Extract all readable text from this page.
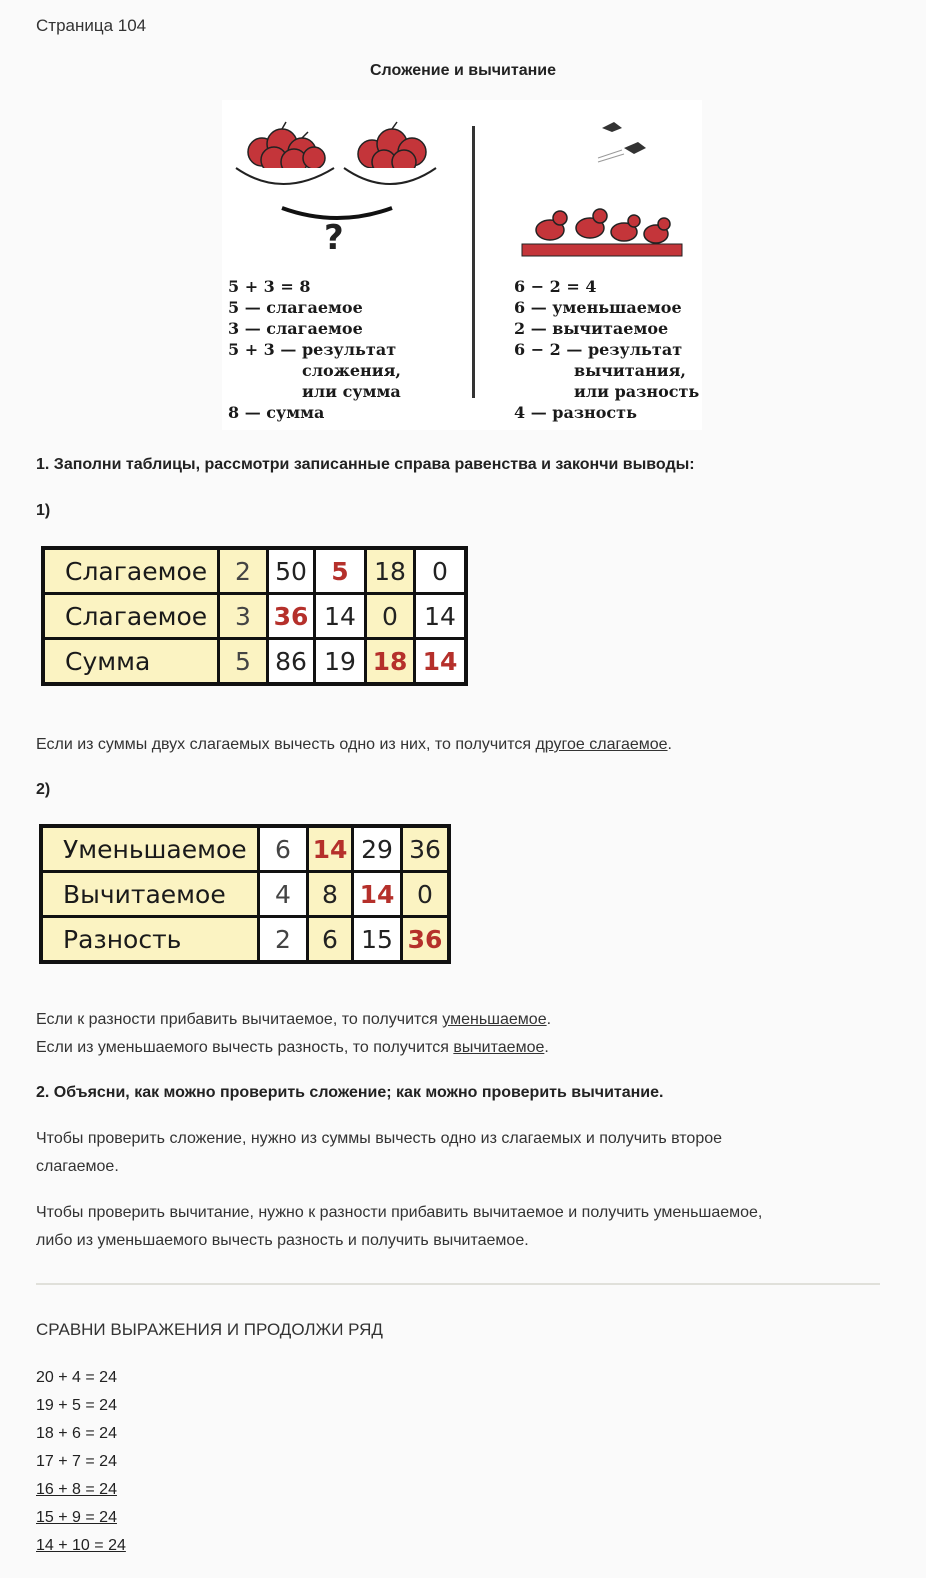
Страница 104
Сложение и вычитание
?
5 + 3 = 8
5 — слагаемое
3 — слагаемое
5 + 3 — результат
сложения,
или сумма
8 — сумма
6 − 2 = 4
6 — уменьшаемое
2 — вычитаемое
6 − 2 — результат
вычитания,
или разность
4 — разность
1. Заполни таблицы, рассмотри записанные справа равенства и закончи выводы:
1)
Слагаемое	2	50	5	18	0
Слагаемое	3	36	14	0	14
Сумма	5	86	19	18	14
Если из суммы двух слагаемых вычесть одно из них, то получится другое слагаемое.
2)
Уменьшаемое	6	14	29	36
Вычитаемое	4	8	14	0
Разность	2	6	15	36
Если к разности прибавить вычитаемое, то получится уменьшаемое.
Если из уменьшаемого вычесть разность, то получится вычитаемое.
2. Объясни, как можно проверить сложение; как можно проверить вычитание.
Чтобы проверить сложение, нужно из суммы вычесть одно из слагаемых и получить второе
слагаемое.
Чтобы проверить вычитание, нужно к разности прибавить вычитаемое и получить уменьшаемое,
либо из уменьшаемого вычесть разность и получить вычитаемое.
СРАВНИ ВЫРАЖЕНИЯ И ПРОДОЛЖИ РЯД
20 + 4 = 24
19 + 5 = 24
18 + 6 = 24
17 + 7 = 24
16 + 8 = 24
15 + 9 = 24
14 + 10 = 24
